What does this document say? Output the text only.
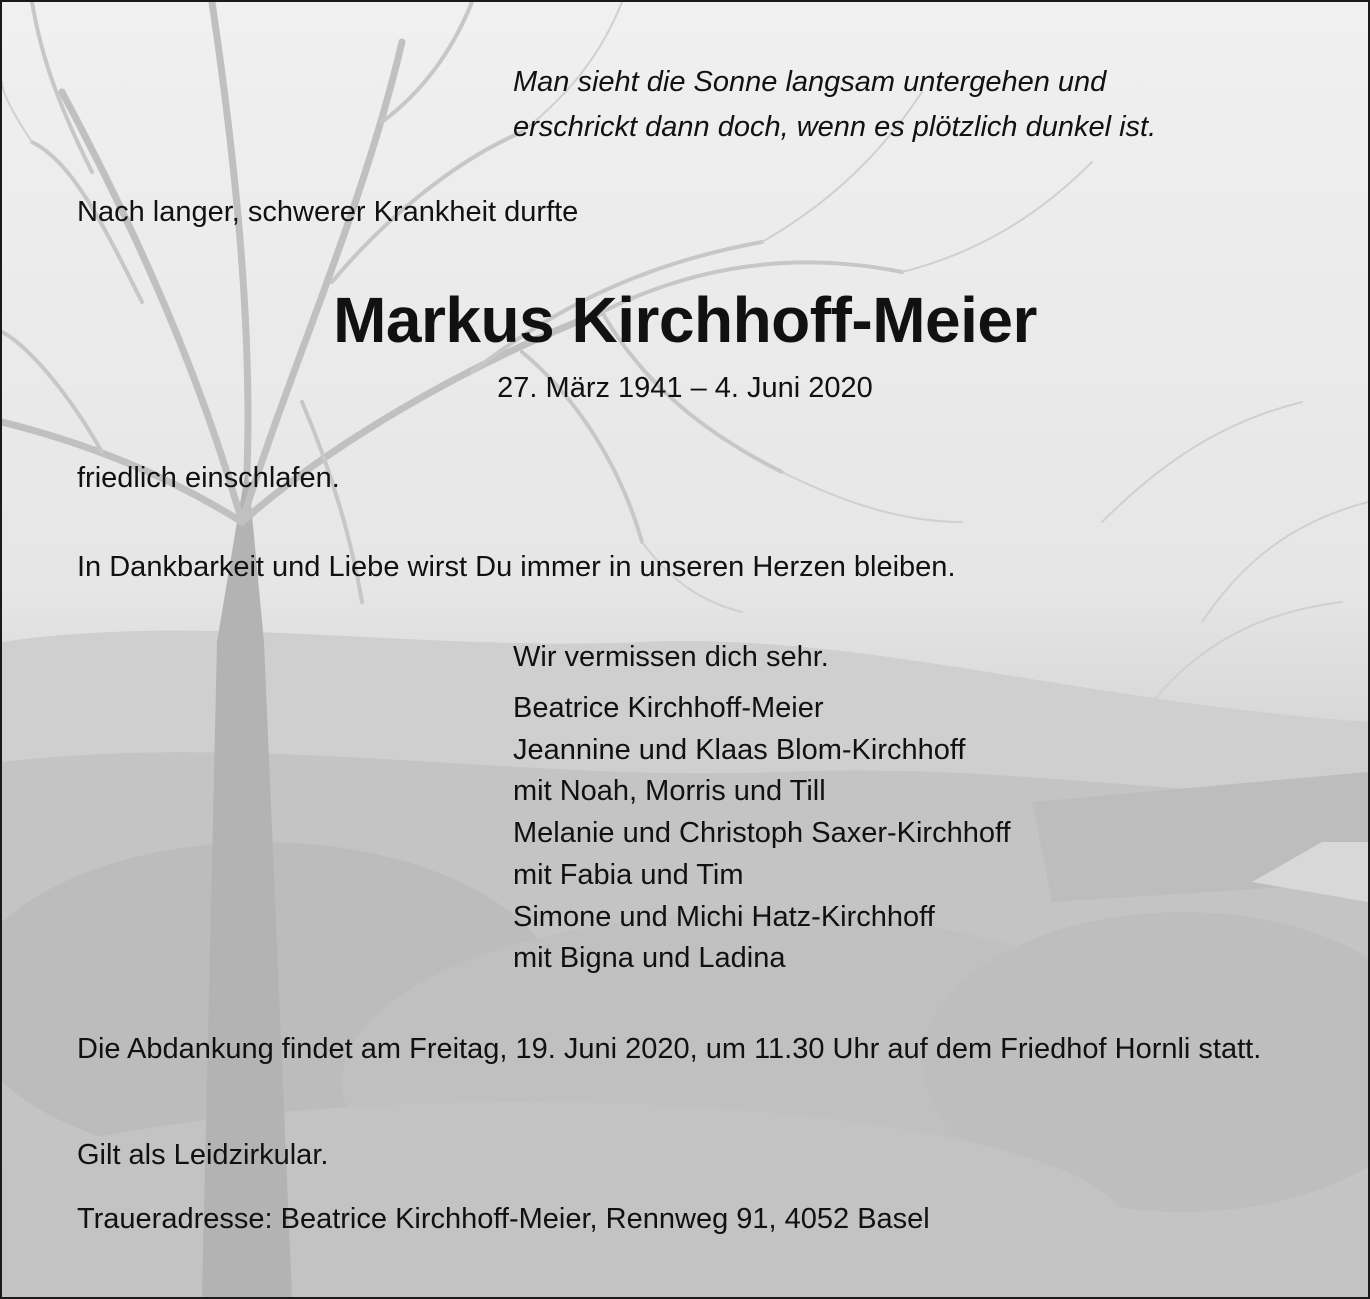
Man sieht die Sonne langsam untergehen und
erschrickt dann doch, wenn es plötzlich dunkel ist.

Nach langer, schwerer Krankheit durfte

Markus Kirchhoff-Meier

27. März 1941 – 4. Juni 2020

friedlich einschlafen.

In Dankbarkeit und Liebe wirst Du immer in unseren Herzen bleiben.

Wir vermissen dich sehr.

Beatrice Kirchhoff-Meier
Jeannine und Klaas Blom-Kirchhoff
mit Noah, Morris und Till
Melanie und Christoph Saxer-Kirchhoff
mit Fabia und Tim
Simone und Michi Hatz-Kirchhoff
mit Bigna und Ladina

Die Abdankung findet am Freitag, 19. Juni 2020, um 11.30 Uhr auf dem Friedhof Hornli statt.

Gilt als Leidzirkular.

Traueradresse: Beatrice Kirchhoff-Meier, Rennweg 91, 4052 Basel
